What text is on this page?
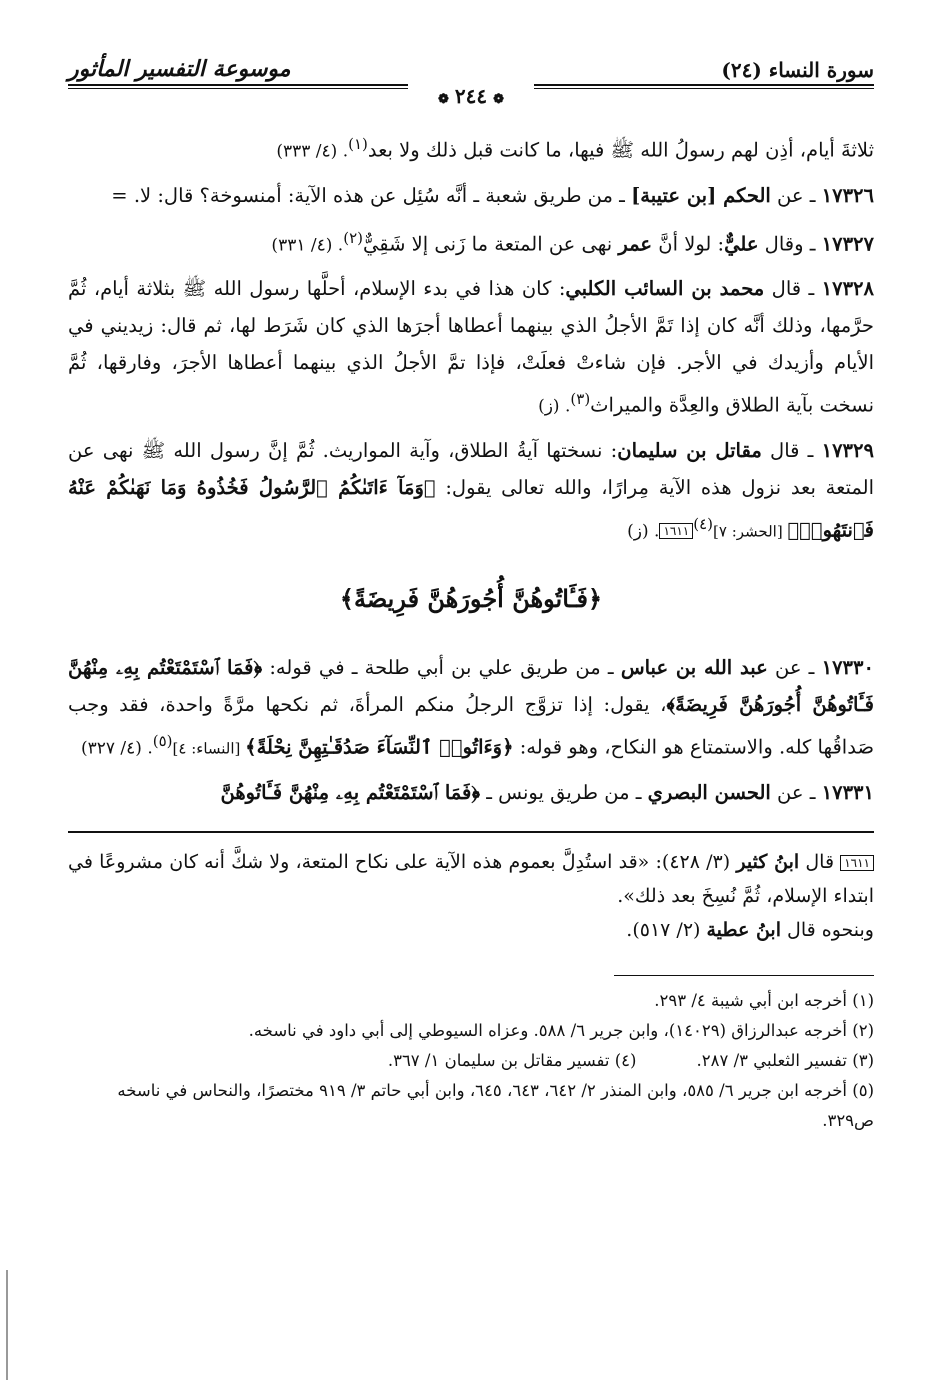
سورة النساء (٢٤)
موسوعة التفسير المأثور
❁٢٤٤❁

ثلاثةَ أيام، أذِن لهم رسولُ الله ﷺ فيها، ما كانت قبل ذلك ولا بعد$^{(١)}$. (٤/ ٣٣٣)

١٧٣٢٦ ـ عن الحكم [بن عتيبة] ـ من طريق شعبة ـ أنَّه سُئِل عن هذه الآية: أمنسوخة؟ قال: لا. =

١٧٣٢٧ ـ وقال عليٌّ: لولا أنَّ عمر نهى عن المتعة ما زَنى إلا شَقِيٌّ$^{(٢)}$. (٤/ ٣٣١)

١٧٣٢٨ ـ قال محمد بن السائب الكلبي: كان هذا في بدء الإسلام، أحلَّها رسول الله ﷺ بثلاثة أيام، ثُمَّ حرَّمها، وذلك أنَّه كان إذا تَمَّ الأجلُ الذي بينهما أعطاها أجرَها الذي كان شَرَط لها، ثم قال: زيديني في الأيام وأزيدك في الأجر. فإن شاءتْ فعلَتْ، فإذا تمَّ الأجلُ الذي بينهما أعطاها الأجرَ، وفارقها، ثُمَّ نسخت بآية الطلاق والعِدَّة والميراث$^{(٣)}$. (ز)

١٧٣٢٩ ـ قال مقاتل بن سليمان: نسختها آيةُ الطلاق، وآية المواريث. ثُمَّ إنَّ رسول الله ﷺ نهى عن المتعة بعد نزول هذه الآية مِرارًا، والله تعالى يقول: ﴿وَمَآ ءَاتَىٰكُمُ ٱلرَّسُولُ فَخُذُوهُ وَمَا نَهَىٰكُمْ عَنْهُ فَٱنتَهُوا۟﴾ [الحشر: ٧]$^{(٤)}$١٦١١. (ز)

﴿فَـَٔاتُوهُنَّ أُجُورَهُنَّ فَرِيضَةً﴾

١٧٣٣٠ ـ عن عبد الله بن عباس ـ من طريق علي بن أبي طلحة ـ في قوله: ﴿فَمَا ٱسْتَمْتَعْتُم بِهِۦ مِنْهُنَّ فَـَٔاتُوهُنَّ أُجُورَهُنَّ فَرِيضَةً﴾، يقول: إذا تزوَّج الرجلُ منكم المرأةَ، ثم نكحها مرَّةً واحدة، فقد وجب صَداقُها كله. والاستمتاع هو النكاح، وهو قوله: ﴿وَءَاتُوا۟ ٱلنِّسَآءَ صَدُقَـٰتِهِنَّ نِحْلَةً﴾ [النساء: ٤]$^{(٥)}$. (٤/ ٣٢٧)

١٧٣٣١ ـ عن الحسن البصري ـ من طريق يونس ـ ﴿فَمَا ٱسْتَمْتَعْتُم بِهِۦ مِنْهُنَّ فَـَٔاتُوهُنَّ

١٦١١ قال ابنُ كثير (٣/ ٤٢٨): «قد استُدِلَّ بعموم هذه الآية على نكاح المتعة، ولا شكَّ أنه كان مشروعًا في ابتداء الإسلام، ثُمَّ نُسِخَ بعد ذلك».
وبنحوه قال ابنُ عطية (٢/ ٥١٧).
(١) أخرجه ابن أبي شيبة ٤/ ٢٩٣.
(٢) أخرجه عبدالرزاق (١٤٠٢٩)، وابن جرير ٦/ ٥٨٨. وعزاه السيوطي إلى أبي داود في ناسخه.
(٣) تفسير الثعلبي ٣/ ٢٨٧.
(٤) تفسير مقاتل بن سليمان ١/ ٣٦٧.
(٥) أخرجه ابن جرير ٦/ ٥٨٥، وابن المنذر ٢/ ٦٤٢، ٦٤٣، ٦٤٥، وابن أبي حاتم ٣/ ٩١٩ مختصرًا، والنحاس في ناسخه ص٣٢٩.
